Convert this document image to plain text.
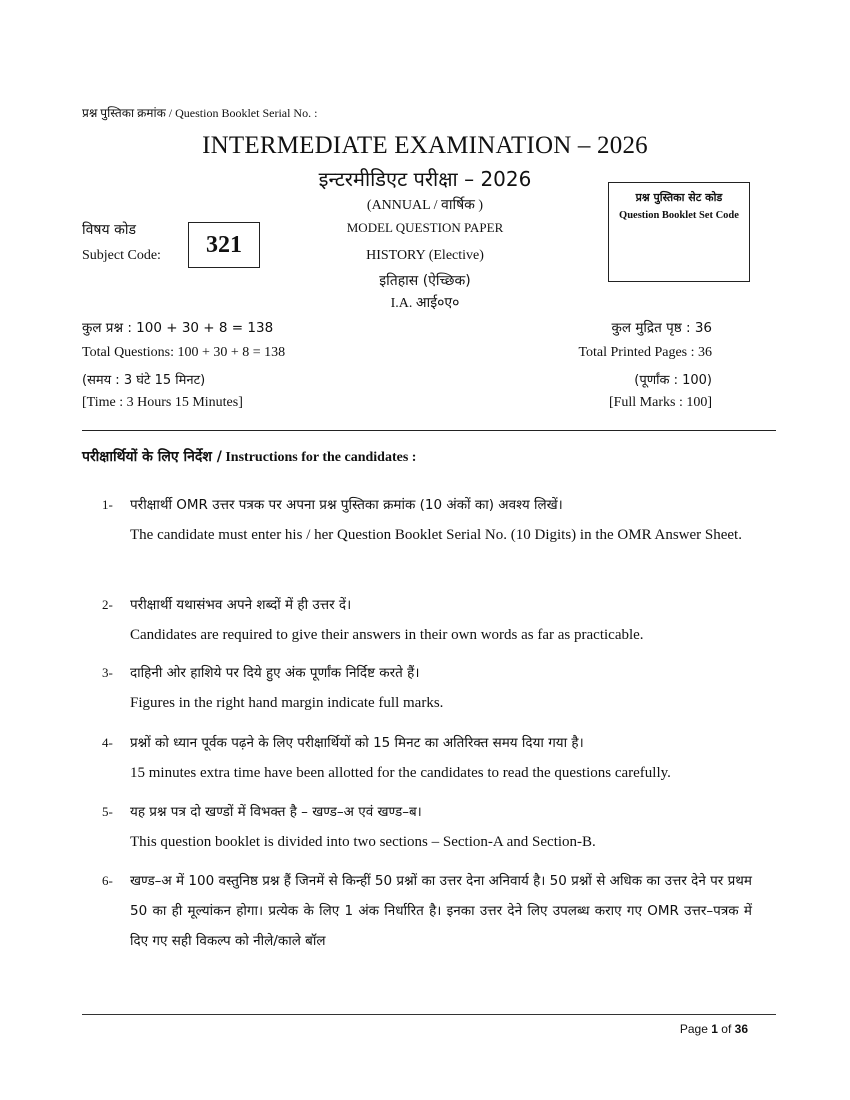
प्रश्न पुस्तिका क्रमांक / Question Booklet Serial No. :
INTERMEDIATE EXAMINATION – 2026
इन्टरमीडिएट परीक्षा – 2026
(ANNUAL / वार्षिक )
विषय कोड
Subject Code: 321
MODEL QUESTION PAPER
HISTORY (Elective)
इतिहास (ऐच्छिक)
I.A. आई०ए०
प्रश्न पुस्तिका सेट कोड
Question Booklet Set Code
कुल प्रश्न : 100 + 30 + 8 = 138	कुल मुद्रित पृष्ठ : 36
Total Questions: 100 + 30 + 8 = 138	Total Printed Pages : 36
(समय : 3 घंटे 15 मिनट)	(पूर्णांक : 100)
[Time : 3 Hours 15 Minutes]	[Full Marks : 100]
परीक्षार्थियों के लिए निर्देश / Instructions for the candidates :
1-	परीक्षार्थी OMR उत्तर पत्रक पर अपना प्रश्न पुस्तिका क्रमांक (10 अंकों का) अवश्य लिखें।
The candidate must enter his / her Question Booklet Serial No. (10 Digits) in the OMR Answer Sheet.
2-	परीक्षार्थी यथासंभव अपने शब्दों में ही उत्तर दें।
Candidates are required to give their answers in their own words as far as practicable.
3-	दाहिनी ओर हाशिये पर दिये हुए अंक पूर्णांक निर्दिष्ट करते हैं।
Figures in the right hand margin indicate full marks.
4-	प्रश्नों को ध्यान पूर्वक पढ़ने के लिए परीक्षार्थियों को 15 मिनट का अतिरिक्त समय दिया गया है।
15 minutes extra time have been allotted for the candidates to read the questions carefully.
5-	यह प्रश्न पत्र दो खण्डों में विभक्त है – खण्ड–अ एवं खण्ड–ब।
This question booklet is divided into two sections – Section-A and Section-B.
6-	खण्ड–अ में 100 वस्तुनिष्ठ प्रश्न हैं जिनमें से किन्हीं 50 प्रश्नों का उत्तर देना अनिवार्य है। 50 प्रश्नों से अधिक का उत्तर देने पर प्रथम 50 का ही मूल्यांकन होगा। प्रत्येक के लिए 1 अंक निर्धारित है। इनका उत्तर देने लिए उपलब्ध कराए गए OMR उत्तर–पत्रक में दिए गए सही विकल्प को नीले/काले बॉल
Page 1 of 36
